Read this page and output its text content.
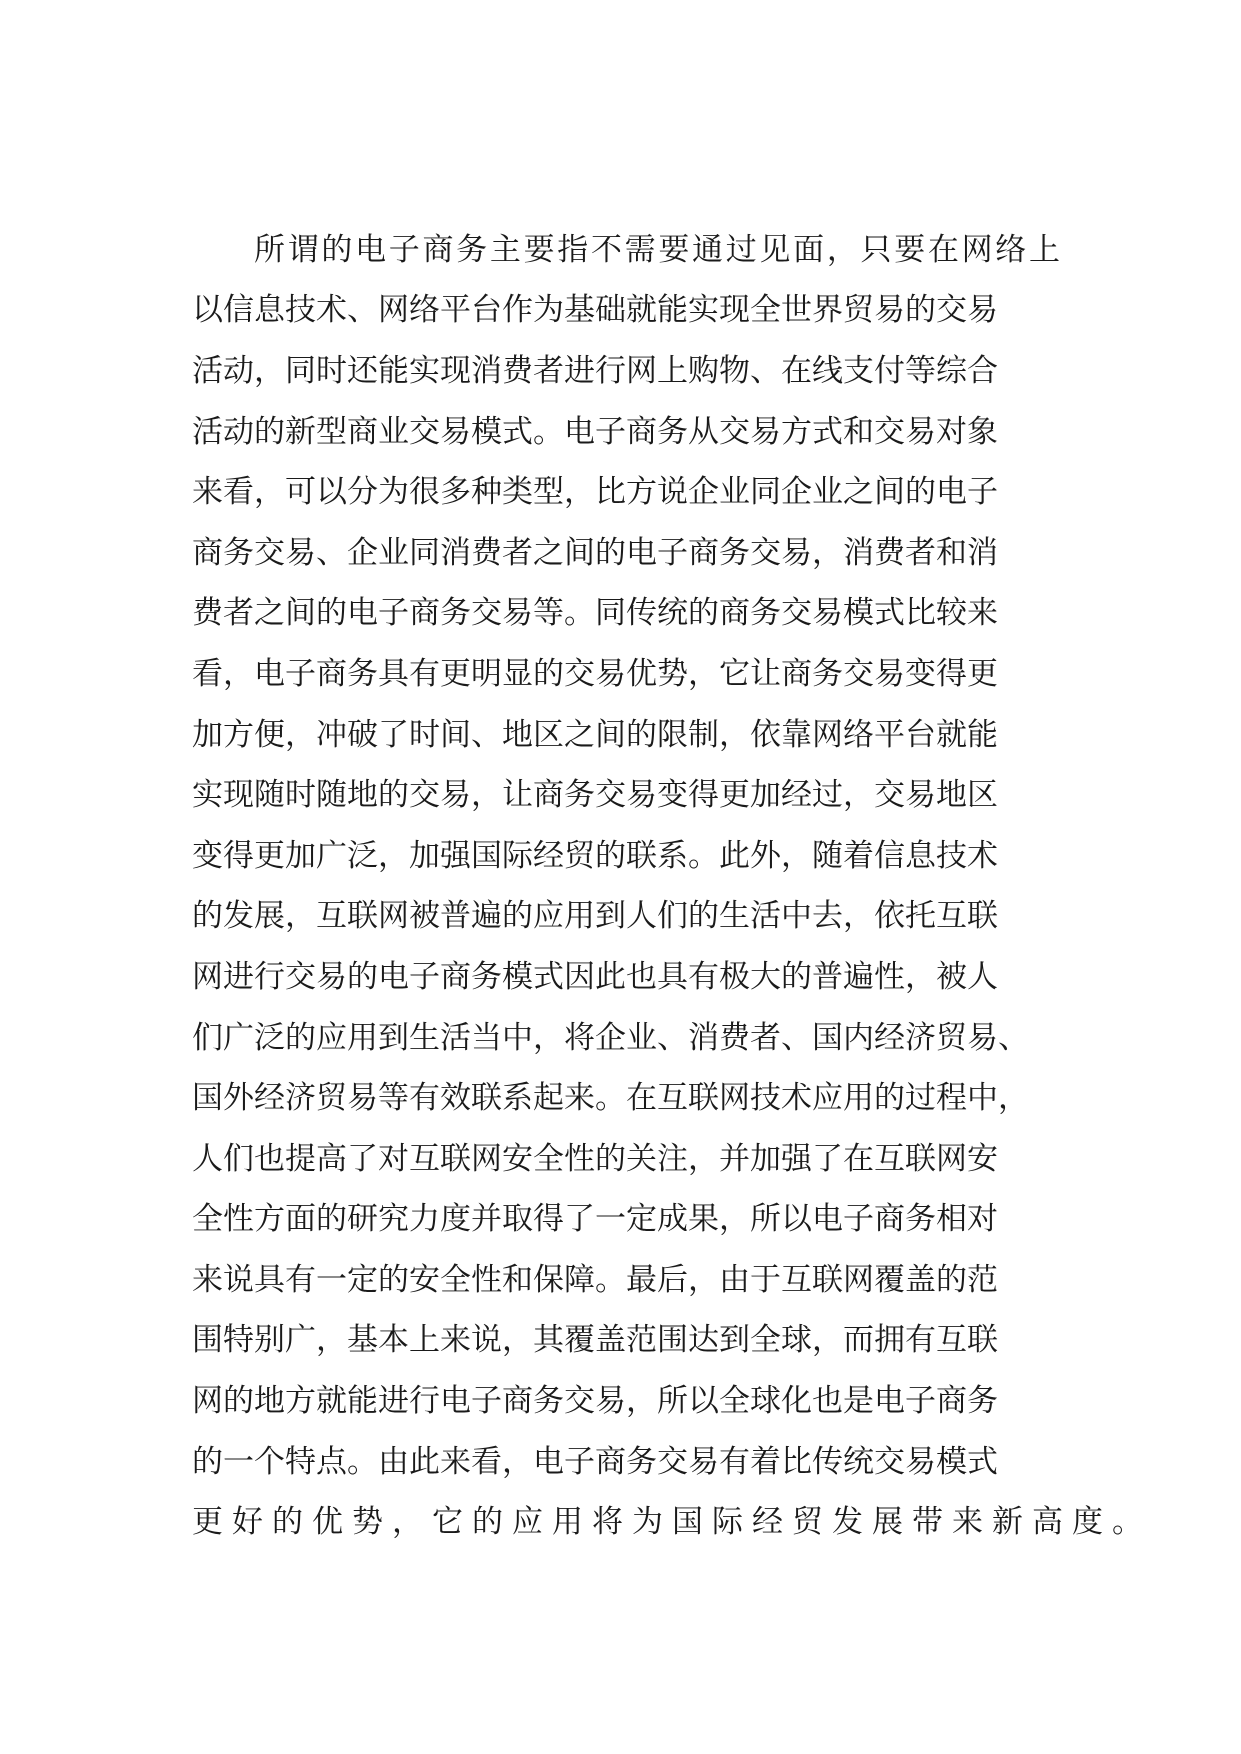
所谓的电子商务主要指不需要通过见面，只要在网络上
以信息技术、网络平台作为基础就能实现全世界贸易的交易
活动，同时还能实现消费者进行网上购物、在线支付等综合
活动的新型商业交易模式。电子商务从交易方式和交易对象
来看，可以分为很多种类型，比方说企业同企业之间的电子
商务交易、企业同消费者之间的电子商务交易，消费者和消
费者之间的电子商务交易等。同传统的商务交易模式比较来
看，电子商务具有更明显的交易优势，它让商务交易变得更
加方便，冲破了时间、地区之间的限制，依靠网络平台就能
实现随时随地的交易，让商务交易变得更加经过，交易地区
变得更加广泛，加强国际经贸的联系。此外，随着信息技术
的发展，互联网被普遍的应用到人们的生活中去，依托互联
网进行交易的电子商务模式因此也具有极大的普遍性，被人
们广泛的应用到生活当中，将企业、消费者、国内经济贸易、
国外经济贸易等有效联系起来。在互联网技术应用的过程中，
人们也提高了对互联网安全性的关注，并加强了在互联网安
全性方面的研究力度并取得了一定成果，所以电子商务相对
来说具有一定的安全性和保障。最后，由于互联网覆盖的范
围特别广，基本上来说，其覆盖范围达到全球，而拥有互联
网的地方就能进行电子商务交易，所以全球化也是电子商务
的一个特点。由此来看，电子商务交易有着比传统交易模式
更好的优势，它的应用将为国际经贸发展带来新高度。
